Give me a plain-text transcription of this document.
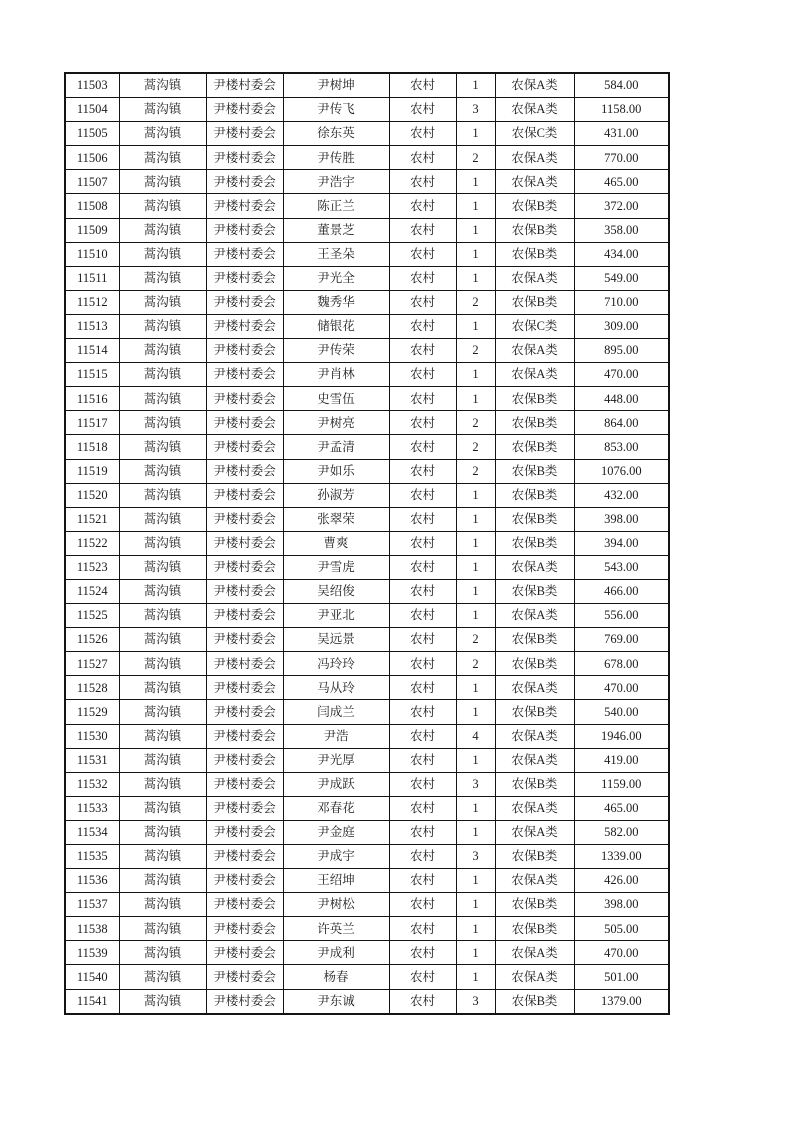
11503	蒿沟镇	尹楼村委会	尹树坤	农村	1	农保A类	584.00
11504	蒿沟镇	尹楼村委会	尹传飞	农村	3	农保A类	1158.00
11505	蒿沟镇	尹楼村委会	徐东英	农村	1	农保C类	431.00
11506	蒿沟镇	尹楼村委会	尹传胜	农村	2	农保A类	770.00
11507	蒿沟镇	尹楼村委会	尹浩宇	农村	1	农保A类	465.00
11508	蒿沟镇	尹楼村委会	陈正兰	农村	1	农保B类	372.00
11509	蒿沟镇	尹楼村委会	董景芝	农村	1	农保B类	358.00
11510	蒿沟镇	尹楼村委会	王圣朵	农村	1	农保B类	434.00
11511	蒿沟镇	尹楼村委会	尹光全	农村	1	农保A类	549.00
11512	蒿沟镇	尹楼村委会	魏秀华	农村	2	农保B类	710.00
11513	蒿沟镇	尹楼村委会	储银花	农村	1	农保C类	309.00
11514	蒿沟镇	尹楼村委会	尹传荣	农村	2	农保A类	895.00
11515	蒿沟镇	尹楼村委会	尹肖林	农村	1	农保A类	470.00
11516	蒿沟镇	尹楼村委会	史雪伍	农村	1	农保B类	448.00
11517	蒿沟镇	尹楼村委会	尹树亮	农村	2	农保B类	864.00
11518	蒿沟镇	尹楼村委会	尹孟清	农村	2	农保B类	853.00
11519	蒿沟镇	尹楼村委会	尹如乐	农村	2	农保B类	1076.00
11520	蒿沟镇	尹楼村委会	孙淑芳	农村	1	农保B类	432.00
11521	蒿沟镇	尹楼村委会	张翠荣	农村	1	农保B类	398.00
11522	蒿沟镇	尹楼村委会	曹爽	农村	1	农保B类	394.00
11523	蒿沟镇	尹楼村委会	尹雪虎	农村	1	农保A类	543.00
11524	蒿沟镇	尹楼村委会	吴绍俊	农村	1	农保B类	466.00
11525	蒿沟镇	尹楼村委会	尹亚北	农村	1	农保A类	556.00
11526	蒿沟镇	尹楼村委会	吴远景	农村	2	农保B类	769.00
11527	蒿沟镇	尹楼村委会	冯玲玲	农村	2	农保B类	678.00
11528	蒿沟镇	尹楼村委会	马从玲	农村	1	农保A类	470.00
11529	蒿沟镇	尹楼村委会	闫成兰	农村	1	农保B类	540.00
11530	蒿沟镇	尹楼村委会	尹浩	农村	4	农保A类	1946.00
11531	蒿沟镇	尹楼村委会	尹光厚	农村	1	农保A类	419.00
11532	蒿沟镇	尹楼村委会	尹成跃	农村	3	农保B类	1159.00
11533	蒿沟镇	尹楼村委会	邓春花	农村	1	农保A类	465.00
11534	蒿沟镇	尹楼村委会	尹金庭	农村	1	农保A类	582.00
11535	蒿沟镇	尹楼村委会	尹成宇	农村	3	农保B类	1339.00
11536	蒿沟镇	尹楼村委会	王绍坤	农村	1	农保A类	426.00
11537	蒿沟镇	尹楼村委会	尹树松	农村	1	农保B类	398.00
11538	蒿沟镇	尹楼村委会	许英兰	农村	1	农保B类	505.00
11539	蒿沟镇	尹楼村委会	尹成利	农村	1	农保A类	470.00
11540	蒿沟镇	尹楼村委会	杨春	农村	1	农保A类	501.00
11541	蒿沟镇	尹楼村委会	尹东诚	农村	3	农保B类	1379.00
